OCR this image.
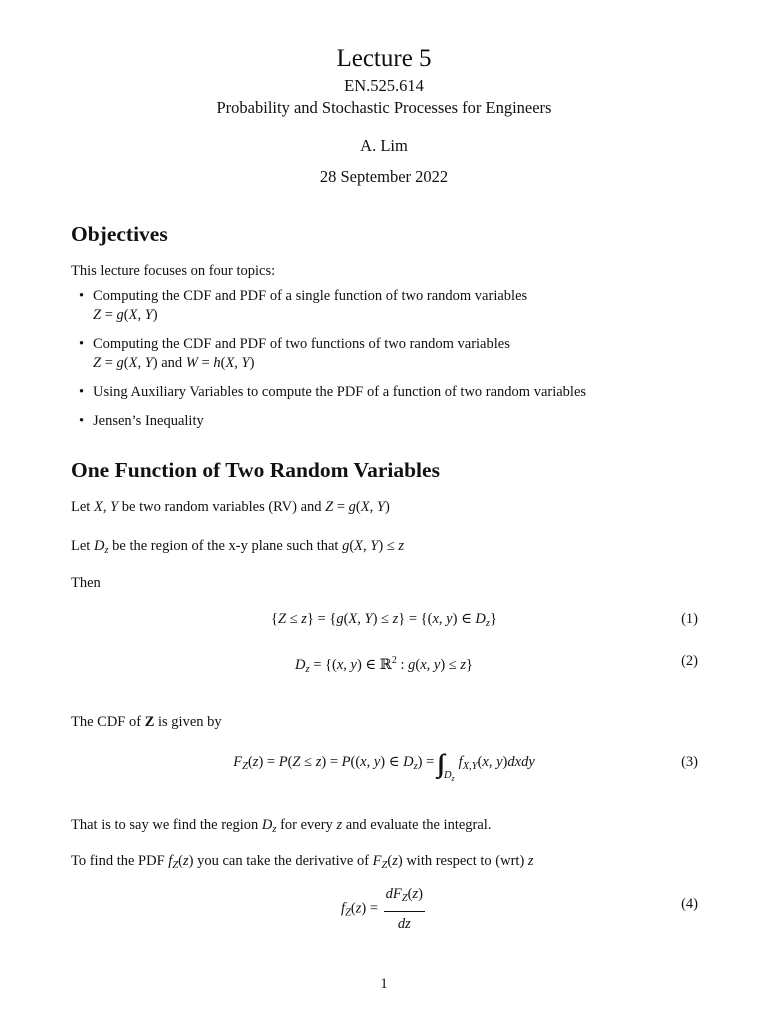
Lecture 5
EN.525.614
Probability and Stochastic Processes for Engineers
A. Lim
28 September 2022
Objectives
This lecture focuses on four topics:
• Computing the CDF and PDF of a single function of two random variables
Z = g(X, Y)
• Computing the CDF and PDF of two functions of two random variables
Z = g(X, Y) and W = h(X, Y)
• Using Auxiliary Variables to compute the PDF of a function of two random variables
• Jensen’s Inequality
One Function of Two Random Variables
Let X, Y be two random variables (RV) and Z = g(X, Y)
Let $D_z$ be the region of the x-y plane such that g(X, Y) ≤ z
Then
{Z ≤ z} = {g(X, Y) ≤ z} = {(x, y) ∈ $D_z$}	(1)
$D_z = \{(x$, y) ∈ ℝ$^2$ : g(x, y) ≤ z}	(2)
The CDF of Z is given by
$F_Z(z) = P(Z \le z) = P((x$, y) ∈ $D_z) = _{D_z}f_{X,Y}(x$, y)dxdy	(3)
That is to say we find the region $D_z$ for every z and evaluate the integral.
To find the PDF $f_Z(z)$ you can take the derivative of $F_Z(z)$ with respect to (wrt) z
$f_Z(z) = \frac{dF_Z(z)}{dz}$	(4)
1
